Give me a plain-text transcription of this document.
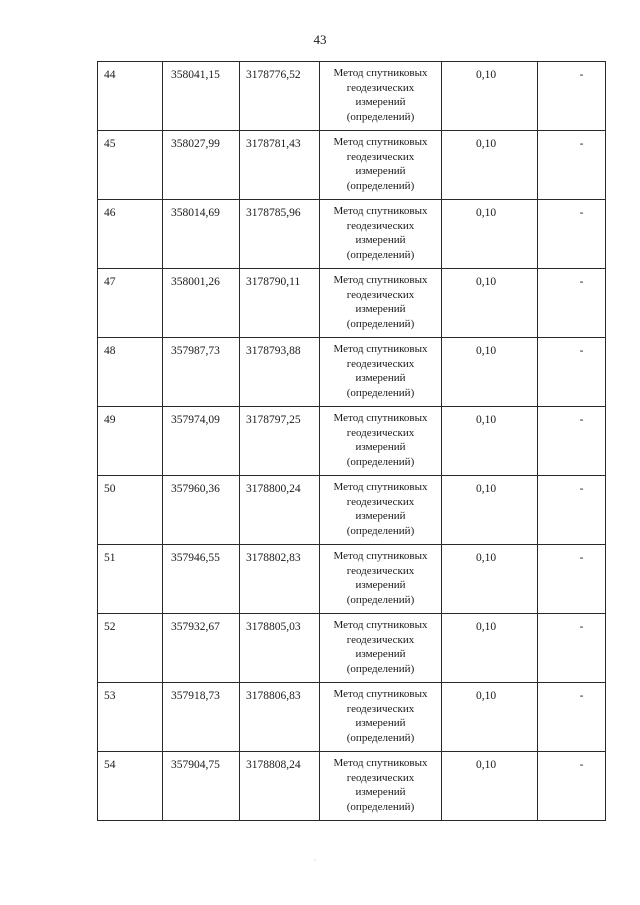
43
44	358041,15	3178776,52	Метод спутниковых
геодезических
измерений
(определений)	0,10	-
45	358027,99	3178781,43	Метод спутниковых
геодезических
измерений
(определений)	0,10	-
46	358014,69	3178785,96	Метод спутниковых
геодезических
измерений
(определений)	0,10	-
47	358001,26	3178790,11	Метод спутниковых
геодезических
измерений
(определений)	0,10	-
48	357987,73	3178793,88	Метод спутниковых
геодезических
измерений
(определений)	0,10	-
49	357974,09	3178797,25	Метод спутниковых
геодезических
измерений
(определений)	0,10	-
50	357960,36	3178800,24	Метод спутниковых
геодезических
измерений
(определений)	0,10	-
51	357946,55	3178802,83	Метод спутниковых
геодезических
измерений
(определений)	0,10	-
52	357932,67	3178805,03	Метод спутниковых
геодезических
измерений
(определений)	0,10	-
53	357918,73	3178806,83	Метод спутниковых
геодезических
измерений
(определений)	0,10	-
54	357904,75	3178808,24	Метод спутниковых
геодезических
измерений
(определений)	0,10	-
·
